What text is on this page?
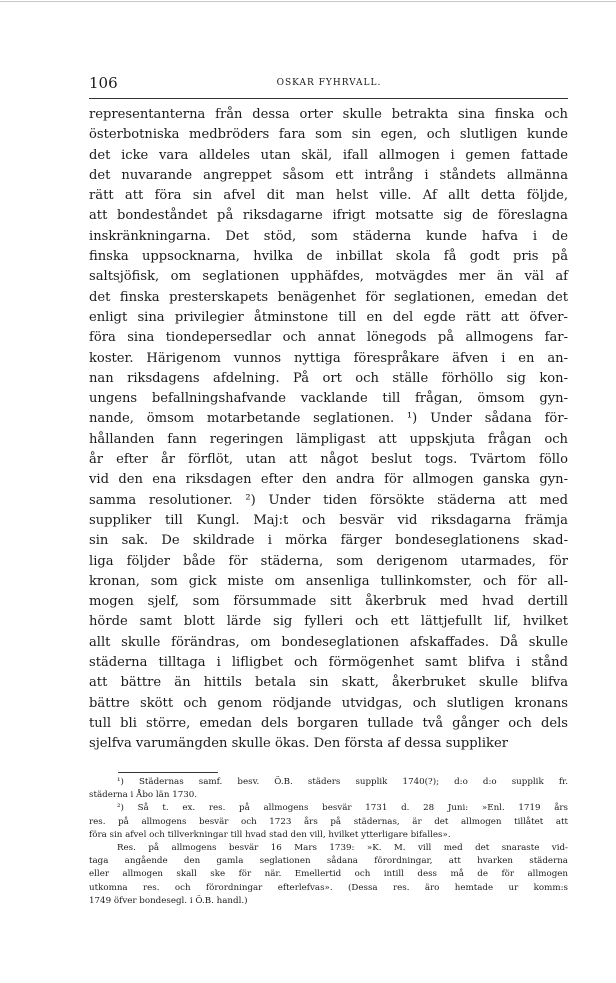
106	OSKAR FYHRVALL.
representanterna från dessa orter skulle betrakta sina finska och
österbotniska medbröders fara som sin egen, och slutligen kunde
det icke vara alldeles utan skäl, ifall allmogen i gemen fattade
det nuvarande angreppet såsom ett intrång i ståndets allmänna
rätt att föra sin afvel dit man helst ville. Af allt detta följde,
att bondeståndet på riksdagarne ifrigt motsatte sig de föreslagna
inskränkningarna. Det stöd, som städerna kunde hafva i de
finska uppsocknarna, hvilka de inbillat skola få godt pris på
saltsjöfisk, om seglationen upphäfdes, motvägdes mer än väl af
det finska presterskapets benägenhet för seglationen, emedan det
enligt sina privilegier åtminstone till en del egde rätt att öfver-
föra sina tiondepersedlar och annat lönegods på allmogens far-
koster. Härigenom vunnos nyttiga förespråkare äfven i en an-
nan riksdagens afdelning. På ort och ställe förhöllo sig kon-
ungens befallningshafvande vacklande till frågan, ömsom gyn-
nande, ömsom motarbetande seglationen. ¹) Under sådana för-
hållanden fann regeringen lämpligast att uppskjuta frågan och
år efter år förflöt, utan att något beslut togs. Tvärtom föllo
vid den ena riksdagen efter den andra för allmogen ganska gyn-
samma resolutioner. ²) Under tiden försökte städerna att med
suppliker till Kungl. Maj:t och besvär vid riksdagarna främja
sin sak. De skildrade i mörka färger bondeseglationens skad-
liga följder både för städerna, som derigenom utarmades, för
kronan, som gick miste om ansenliga tullinkomster, och för all-
mogen sjelf, som försummade sitt åkerbruk med hvad dertill
hörde samt blott lärde sig fylleri och ett lättjefullt lif, hvilket
allt skulle förändras, om bondeseglationen afskaffades. Då skulle
städerna tilltaga i lifligbet och förmögenhet samt blifva i stånd
att bättre än hittils betala sin skatt, åkerbruket skulle blifva
bättre skött och genom rödjande utvidgas, och slutligen kronans
tull bli större, emedan dels borgaren tullade två gånger och dels
sjelfva varumängden skulle ökas. Den första af dessa suppliker
¹) Städernas samf. besv. Ö.B. städers supplik 1740(?); d:o d:o supplik fr.
städerna i Åbo län 1730.
²) Så t. ex. res. på allmogens besvär 1731 d. 28 Juni: »Enl. 1719 års
res. på allmogens besvär och 1723 års på städernas, är det allmogen tillåtet att
föra sin afvel och tillverkningar till hvad stad den vill, hvilket ytterligare bifalles».
Res. på allmogens besvär 16 Mars 1739: »K. M. vill med det snaraste vid-
taga angående den gamla seglationen sådana förordningar, att hvarken städerna
eller allmogen skall ske för när. Emellertid och intill dess må de för allmogen
utkomna res. och förordningar efterlefvas». (Dessa res. äro hemtade ur komm:s
1749 öfver bondesegl. i Ö.B. handl.)
